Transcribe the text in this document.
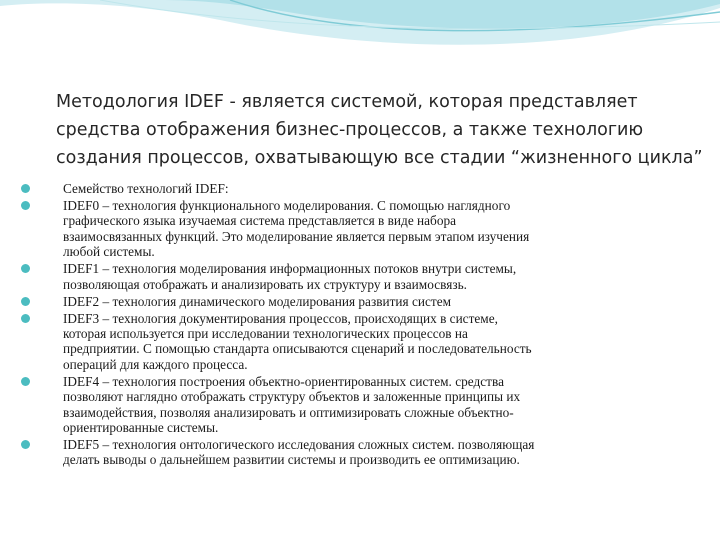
Методология IDEF - является системой, которая представляет
средства отображения бизнес-процессов, а также технологию
создания процессов, охватывающую все стадии “жизненного цикла”
Семейство технологий IDEF:
IDEF0 – технология функционального моделирования. С помощью наглядного
графического языка изучаемая система представляется в виде набора
взаимосвязанных функций. Это моделирование является первым этапом изучения
любой системы.
IDEF1 – технология моделирования информационных потоков внутри системы,
позволяющая отображать и анализировать их структуру и взаимосвязь.
IDEF2 – технология динамического моделирования развития систем
IDEF3 – технология документирования процессов, происходящих в системе,
которая используется при исследовании технологических процессов на
предприятии. С помощью стандарта описываются сценарий и последовательность
операций для каждого процесса.
IDEF4 – технология построения объектно-ориентированных систем. средства
позволяют наглядно отображать структуру объектов и заложенные принципы их
взаимодействия, позволяя анализировать и оптимизировать сложные объектно-
ориентированные системы.
IDEF5 – технология онтологического исследования сложных систем. позволяющая
делать выводы о дальнейшем развитии системы и производить ее оптимизацию.
